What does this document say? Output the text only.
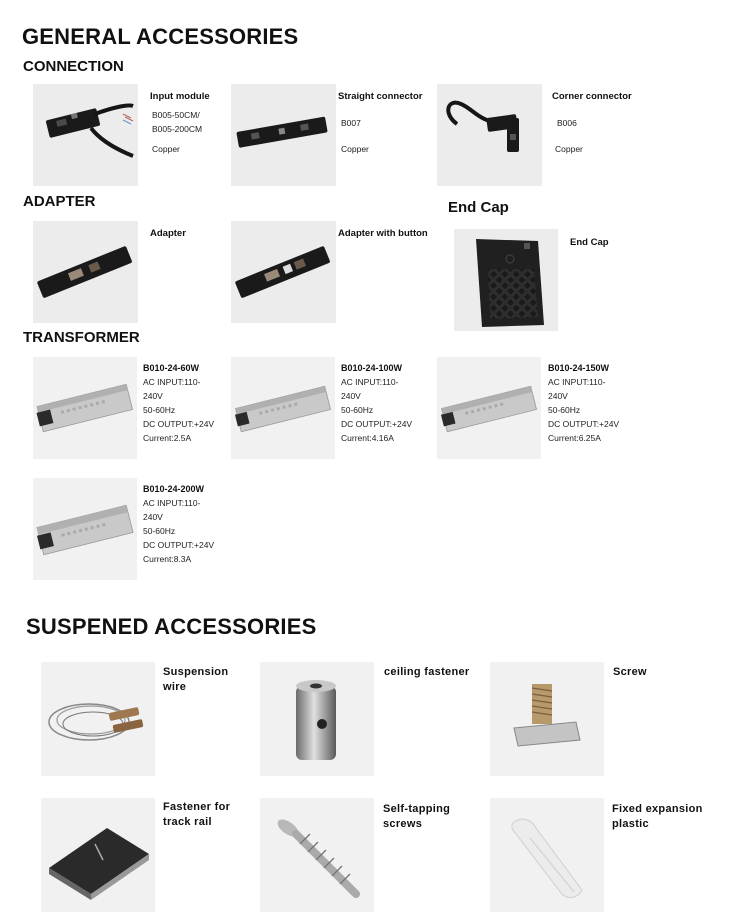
GENERAL ACCESSORIES
CONNECTION
Input module
B005-50CM/
B005-200CM
Copper
Straight connector
B007
Copper
Corner connector
B006
Copper
ADAPTER	End Cap
Adapter	Adapter with button
End Cap
TRANSFORMER
B010-24-60W
AC INPUT:110-
240V
50-60Hz
DC OUTPUT:+24V
Current:2.5A
B010-24-100W
AC INPUT:110-
240V
50-60Hz
DC OUTPUT:+24V
Current:4.16A
B010-24-150W
AC INPUT:110-
240V
50-60Hz
DC OUTPUT:+24V
Current:6.25A
B010-24-200W
AC INPUT:110-
240V
50-60Hz
DC OUTPUT:+24V
Current:8.3A
SUSPENED ACCESSORIES
Suspension
wire
ceiling fastener	Screw
Fastener for
track rail
Self-tapping
screws
Fixed expansion
plastic
